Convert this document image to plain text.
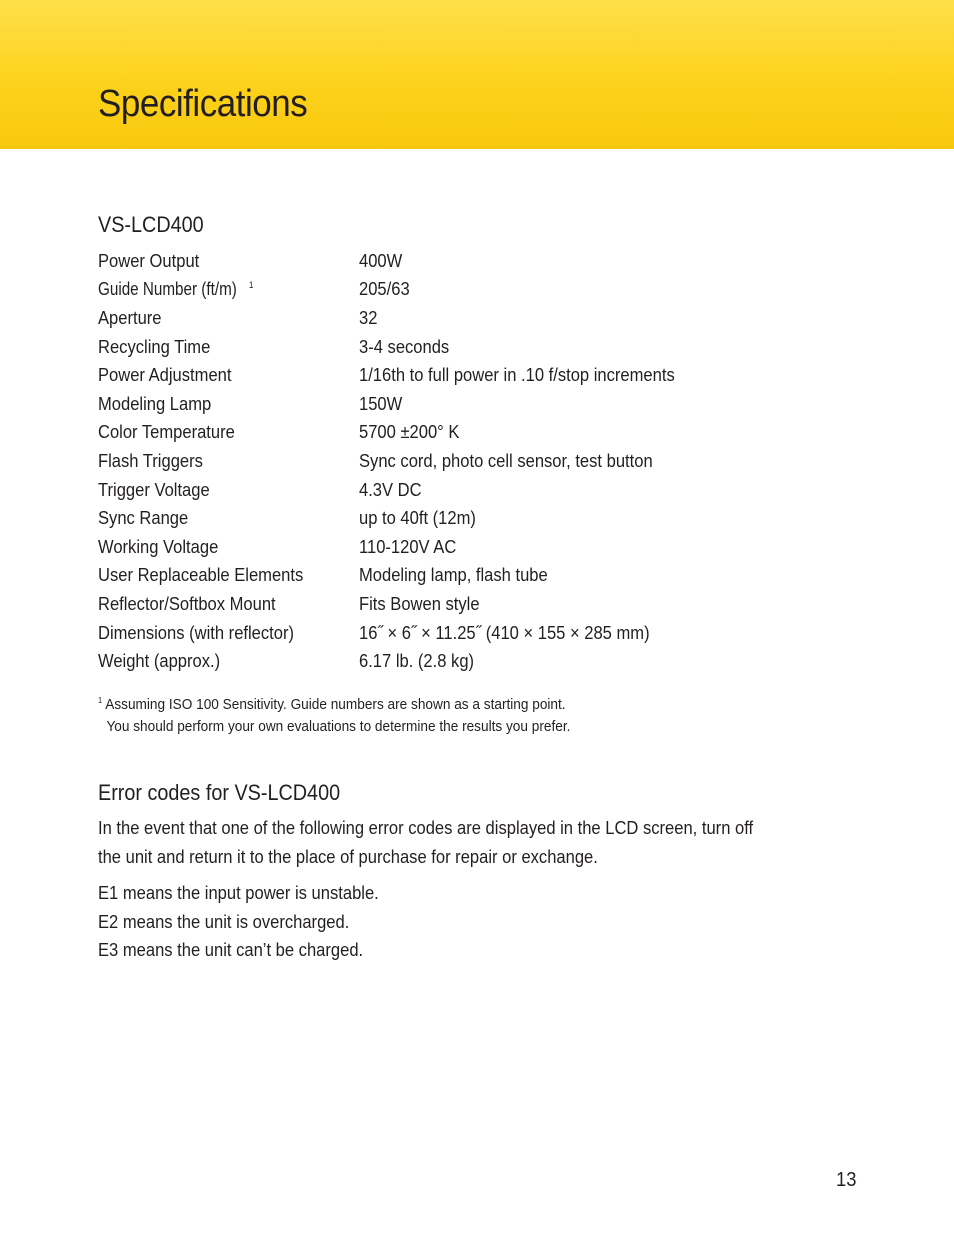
Specifications
VS-LCD400
Power Output	400W
Guide Number (ft/m) $^1$	205/63
Aperture	32
Recycling Time	3-4 seconds
Power Adjustment	1/16th to full power in .10 f/stop increments
Modeling Lamp	150W
Color Temperature	5700 ±200° K
Flash Triggers	Sync cord, photo cell sensor, test button
Trigger Voltage	4.3V DC
Sync Range	up to 40ft (12m)
Working Voltage	110-120V AC
User Replaceable Elements	Modeling lamp, flash tube
Reflector/Softbox Mount	Fits Bowen style
Dimensions (with reflector)	16˝ × 6˝ × 11.25˝ (410 × 155 × 285 mm)
Weight (approx.)	6.17 lb. (2.8 kg)
$^1$ Assuming ISO 100 Sensitivity. Guide numbers are shown as a starting point.
You should perform your own evaluations to determine the results you prefer.
Error codes for VS-LCD400

In the event that one of the following error codes are displayed in the LCD screen, turn off
the unit and return it to the place of purchase for repair or exchange.

E1 means the input power is unstable.
E2 means the unit is overcharged.
E3 means the unit can’t be charged.
13
